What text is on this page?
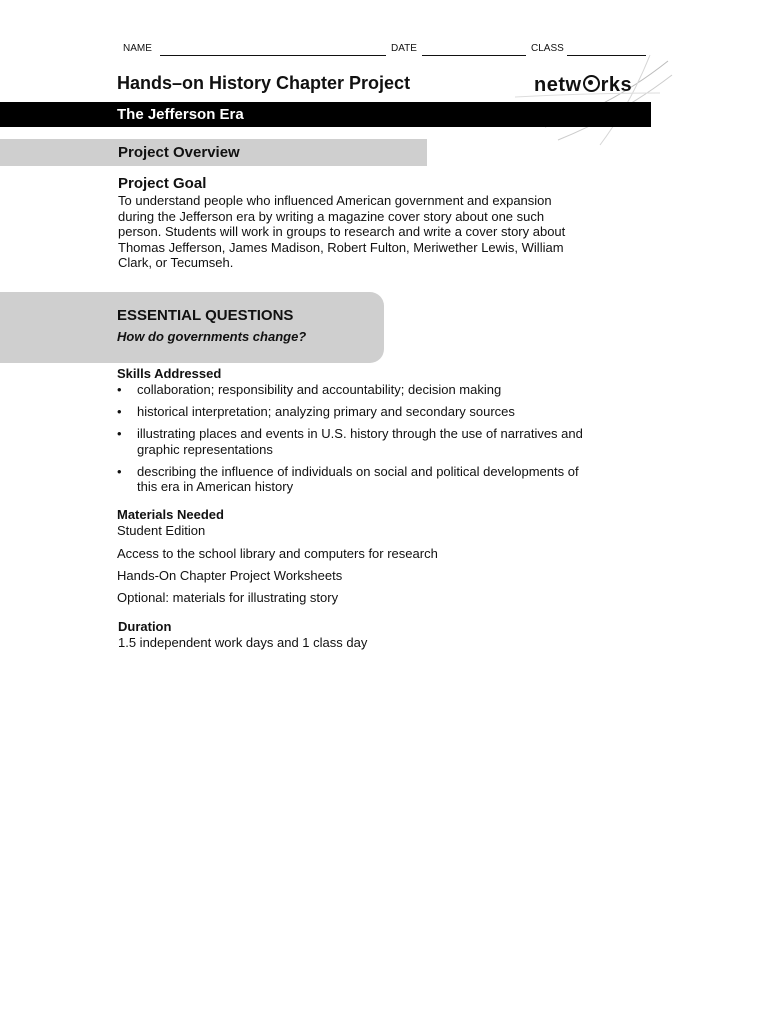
NAME	DATE	CLASS
Hands–on History Chapter Project	netw rks
The Jefferson Era
Project Overview
Project Goal
To understand people who influenced American government and expansion during the Jefferson era by writing a magazine cover story about one such person. Students will work in groups to research and write a cover story about Thomas Jefferson, James Madison, Robert Fulton, Meriwether Lewis, William Clark, or Tecumseh.
ESSENTIAL QUESTIONS
How do governments change?
Skills Addressed
• collaboration; responsibility and accountability; decision making
• historical interpretation; analyzing primary and secondary sources
• illustrating places and events in U.S. history through the use of narratives and graphic representations
• describing the influence of individuals on social and political developments of this era in American history
Materials Needed
Student Edition
Access to the school library and computers for research
Hands-On Chapter Project Worksheets
Optional: materials for illustrating story
Duration
1.5 independent work days and 1 class day
